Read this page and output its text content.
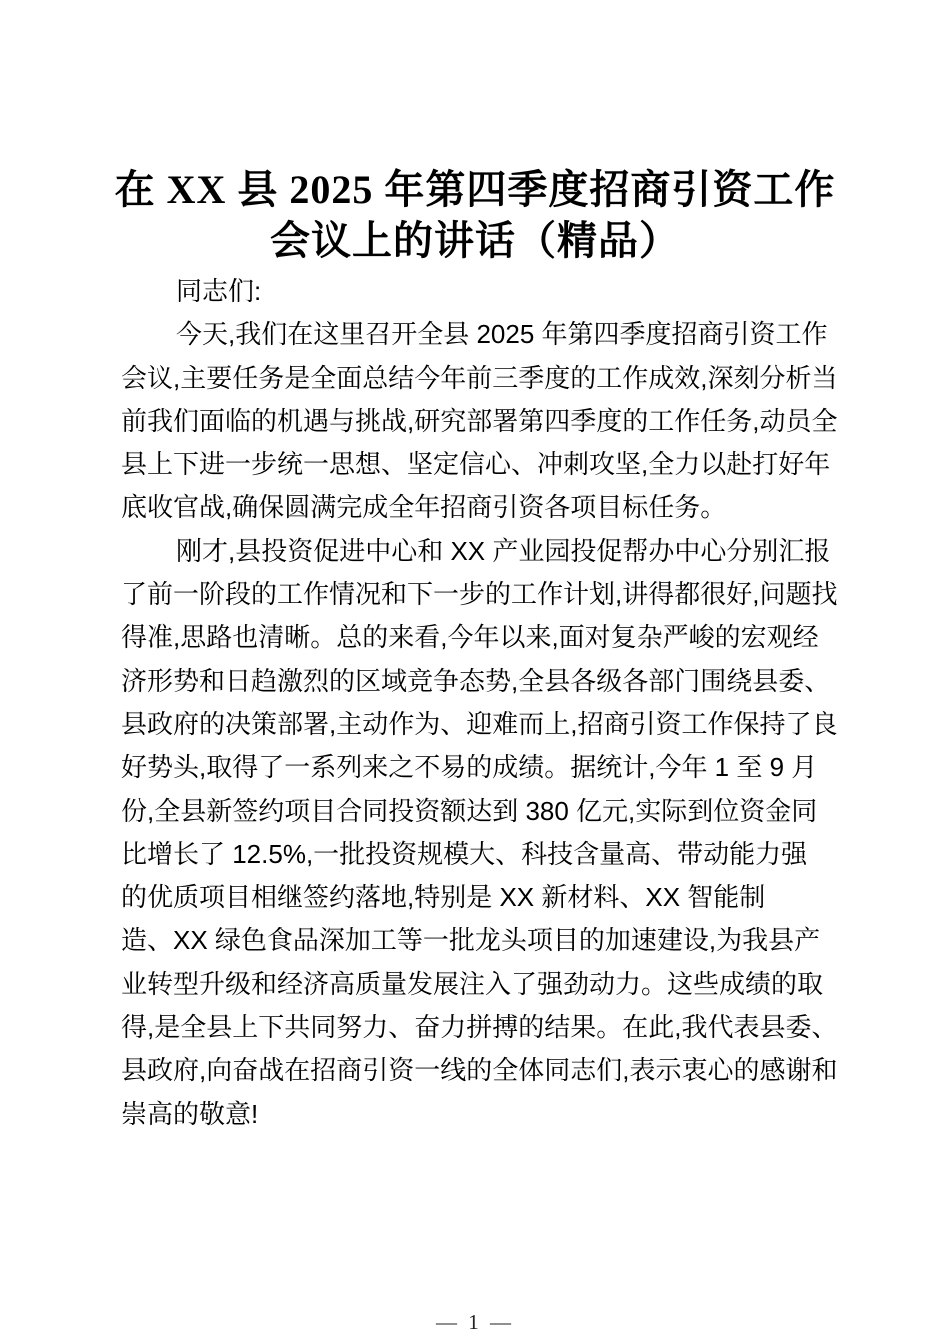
在 XX 县 2025 年第四季度招商引资工作
会议上的讲话（精品）
同志们:
今天,我们在这里召开全县 2025 年第四季度招商引资工作
会议,主要任务是全面总结今年前三季度的工作成效,深刻分析当
前我们面临的机遇与挑战,研究部署第四季度的工作任务,动员全
县上下进一步统一思想、坚定信心、冲刺攻坚,全力以赴打好年
底收官战,确保圆满完成全年招商引资各项目标任务。
刚才,县投资促进中心和 XX 产业园投促帮办中心分别汇报
了前一阶段的工作情况和下一步的工作计划,讲得都很好,问题找
得准,思路也清晰。总的来看,今年以来,面对复杂严峻的宏观经
济形势和日趋激烈的区域竞争态势,全县各级各部门围绕县委、
县政府的决策部署,主动作为、迎难而上,招商引资工作保持了良
好势头,取得了一系列来之不易的成绩。据统计,今年 1 至 9 月
份,全县新签约项目合同投资额达到 380 亿元,实际到位资金同
比增长了 12.5%,一批投资规模大、科技含量高、带动能力强
的优质项目相继签约落地,特别是 XX 新材料、XX 智能制
造、XX 绿色食品深加工等一批龙头项目的加速建设,为我县产
业转型升级和经济高质量发展注入了强劲动力。这些成绩的取
得,是全县上下共同努力、奋力拼搏的结果。在此,我代表县委、
县政府,向奋战在招商引资一线的全体同志们,表示衷心的感谢和
崇高的敬意!
— 1 —
